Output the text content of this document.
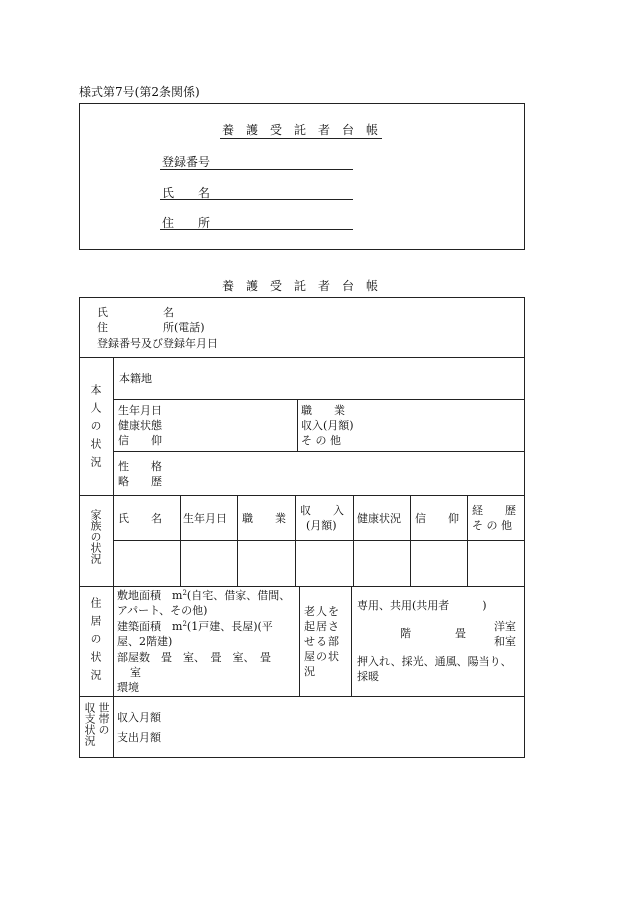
様式第7号(第2条関係)
養　護　受　託　者　台　帳
登録番号
氏　　名
住　　所
養　護　受　託　者　台　帳
氏　　　　　名
住　　　　　所(電話)
登録番号及び登録年月日
本人の状況
本籍地
生年月日
健康状態
信　　仰
職　　業
収入(月額)
そ の 他
性　　格
略　　歴
家族の状況 氏　　名 生年月日 職　　業
収　　入
(月額)
健康状況 信　　仰
経　　歴
そ の 他
住居の状況
敷地面積　$m^2$(自宅、借家、借間、
アパート、その他)
建築面積　$m^2(1$戸建、長屋)(平
屋、2階建)
部屋数　畳　室、　畳　室、　畳
室
環境
老人を起居させる部屋の状況
専用、共用(共用者　　　)
階　　　　畳
洋室
和室
押入れ、採光、通風、陽当り、
採暖
世帯の
収支状況 収入月額
支出月額
